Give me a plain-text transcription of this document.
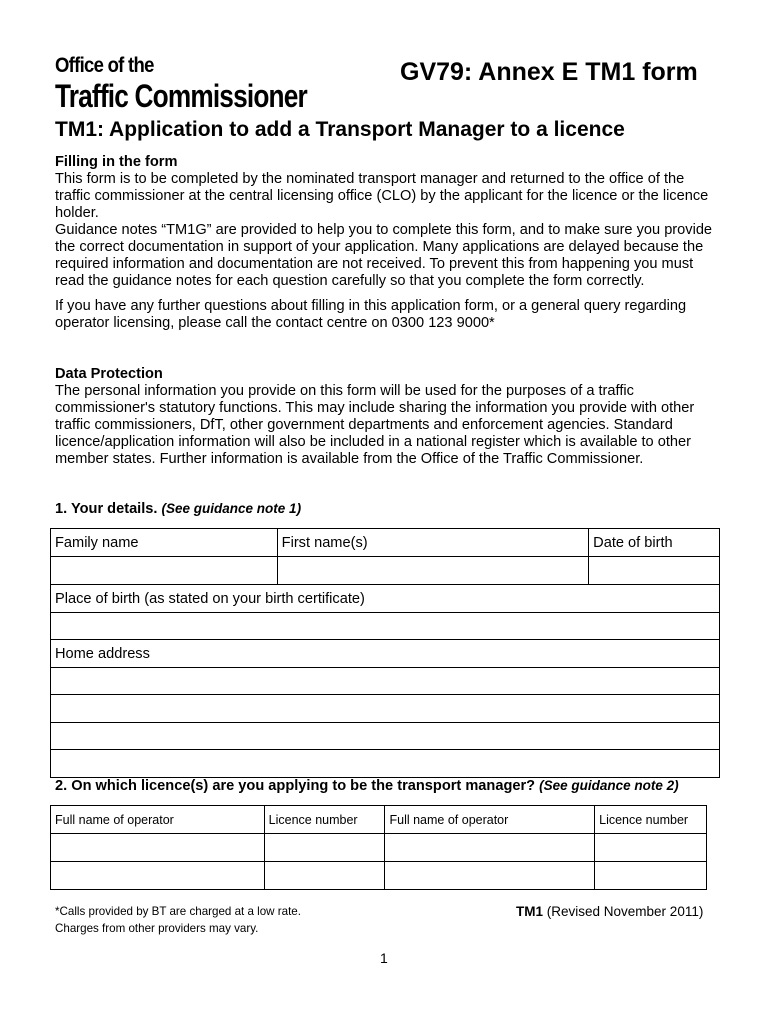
Office of the
Traffic Commissioner
GV79: Annex E TM1 form
TM1: Application to add a Transport Manager to a licence

Filling in the form

This form is to be completed by the nominated transport manager and returned to the office of the traffic commissioner at the central licensing office (CLO) by the applicant for the licence or the licence holder.

Guidance notes “TM1G” are provided to help you to complete this form, and to make sure you provide the correct documentation in support of your application. Many applications are delayed because the required information and documentation are not received. To prevent this from happening you must read the guidance notes for each question carefully so that you complete the form correctly.

If you have any further questions about filling in this application form, or a general query regarding operator licensing, please call the contact centre on 0300 123 9000*

Data Protection

The personal information you provide on this form will be used for the purposes of a traffic commissioner's statutory functions. This may include sharing the information you provide with other traffic commissioners, DfT, other government departments and enforcement agencies. Standard licence/application information will also be included in a national register which is available to other member states. Further information is available from the Office of the Traffic Commissioner.

1. Your details. (See guidance note 1)
Family name	First name(s)	Date of birth

Place of birth (as stated on your birth certificate)		

Home address		

2. On which licence(s) are you applying to be the transport manager? (See guidance note 2)
Full name of operator	Licence number	Full name of operator	Licence number

*Calls provided by BT are charged at a low rate.
Charges from other providers may vary.
TM1 (Revised November 2011)
1
